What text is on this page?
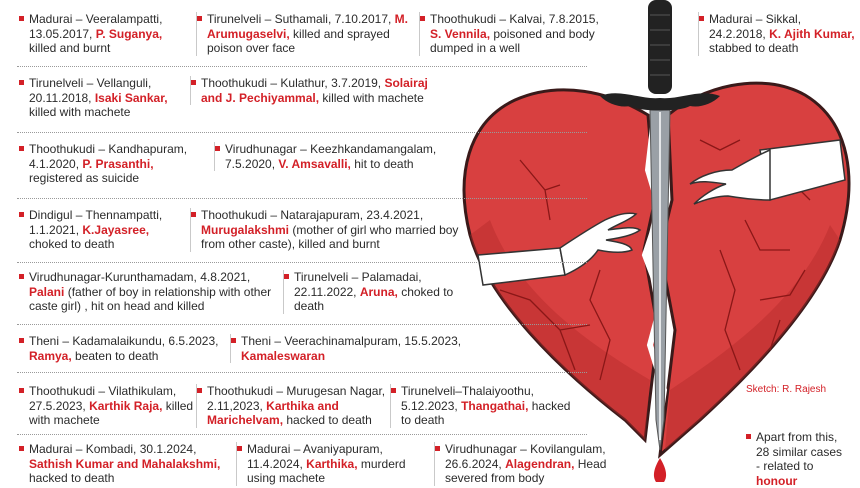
Madurai – Veeralampatti, 13.05.2017, P. Suganya, killed and burnt
Tirunelveli – Suthamali, 7.10.2017, M. Arumugaselvi, killed and sprayed poison over face
Thoothukudi – Kalvai, 7.8.2015, S. Vennila, poisoned and body dumped in a well
Madurai – Sikkal, 24.2.2018, K. Ajith Kumar, stabbed to death
Tirunelveli – Vellanguli, 20.11.2018, Isaki Sankar, killed with machete
Thoothukudi – Kulathur, 3.7.2019, Solairaj and J. Pechiyammal, killed with machete
Thoothukudi – Kandhapuram, 4.1.2020, P. Prasanthi, registered as suicide
Virudhunagar – Keezhkandamangalam, 7.5.2020, V. Amsavalli, hit to death
Dindigul – Thennampatti, 1.1.2021, K.Jayasree, choked to death
Thoothukudi – Natarajapuram, 23.4.2021, Murugalakshmi (mother of girl who married boy from other caste), killed and burnt
Virudhunagar-Kurunthamadam, 4.8.2021, Palani (father of boy in relationship with other caste girl) , hit on head and killed
Tirunelveli – Palamadai, 22.11.2022, Aruna, choked to death
Theni – Kadamalaikundu, 6.5.2023, Ramya, beaten to death
Theni – Veerachinamalpuram, 15.5.2023, Kamaleswaran
Thoothukudi – Vilathikulam, 27.5.2023, Karthik Raja, killed with machete
Thoothukudi – Murugesan Nagar, 2.11,2023, Karthika and Marichelvam, hacked to death
Tirunelveli–Thalaiyoothu, 5.12.2023, Thangathai, hacked to death
Madurai – Kombadi, 30.1.2024, Sathish Kumar and Mahalakshmi, hacked to death
Madurai – Avaniyapuram, 11.4.2024, Karthika, murderd using machete
Virudhunagar – Kovilangulam, 26.6.2024, Alagendran, Head severed from body
Apart from this, 28 similar cases - related to honour
Sketch: R. Rajesh
